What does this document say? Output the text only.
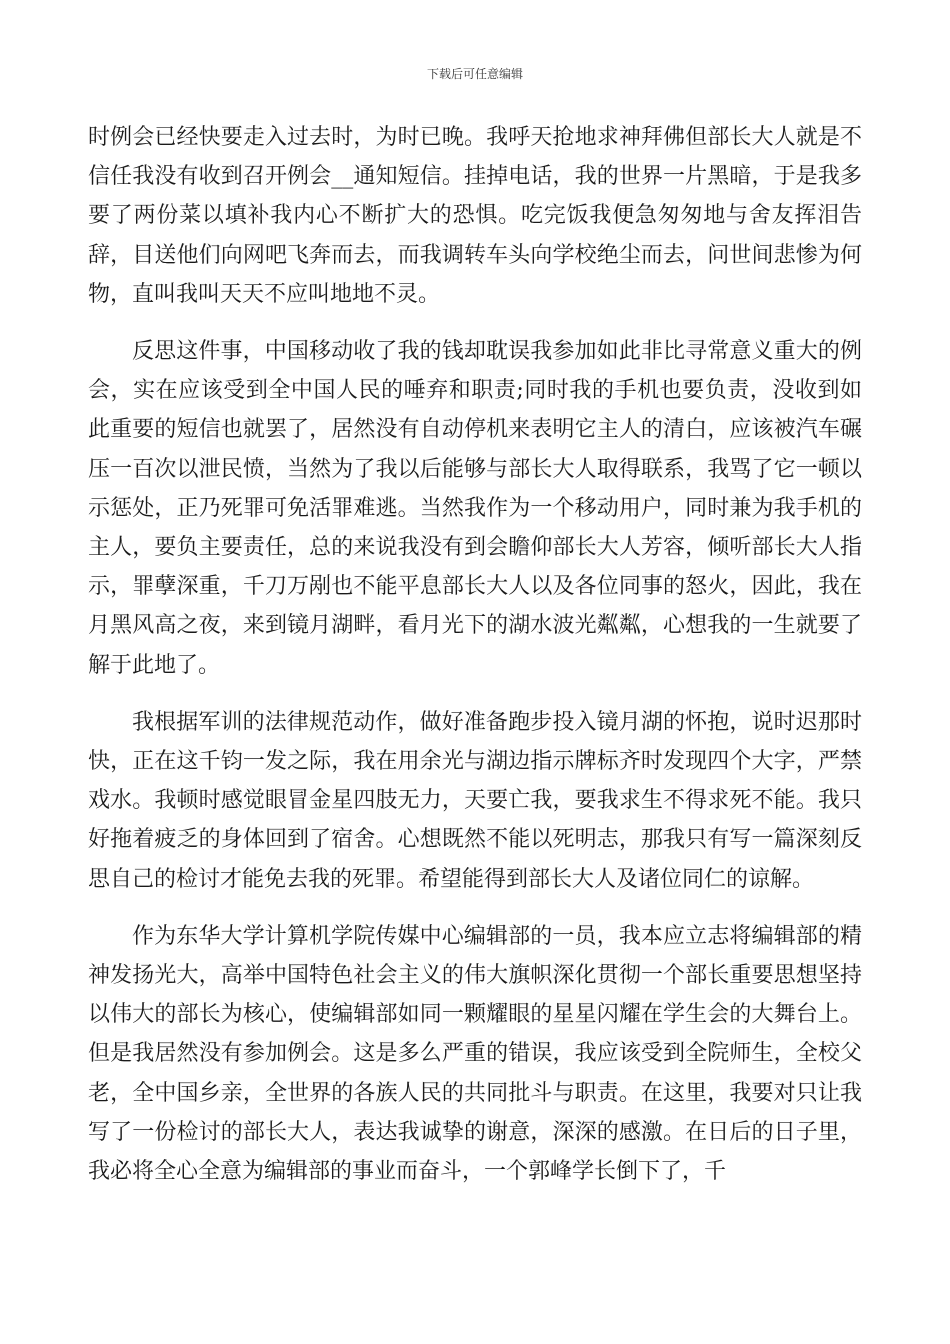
下载后可任意编辑

时例会已经快要走入过去时，为时已晚。我呼天抢地求神拜佛但部长大人就是不信任我没有收到召开例会__通知短信。挂掉电话，我的世界一片黑暗，于是我多要了两份菜以填补我内心不断扩大的恐惧。吃完饭我便急匆匆地与舍友挥泪告辞，目送他们向网吧飞奔而去，而我调转车头向学校绝尘而去，问世间悲惨为何物，直叫我叫天天不应叫地地不灵。

反思这件事，中国移动收了我的钱却耽误我参加如此非比寻常意义重大的例会，实在应该受到全中国人民的唾弃和职责;同时我的手机也要负责，没收到如此重要的短信也就罢了，居然没有自动停机来表明它主人的清白，应该被汽车碾压一百次以泄民愤，当然为了我以后能够与部长大人取得联系，我骂了它一顿以示惩处，正乃死罪可免活罪难逃。当然我作为一个移动用户，同时兼为我手机的主人，要负主要责任，总的来说我没有到会瞻仰部长大人芳容，倾听部长大人指示，罪孽深重，千刀万剐也不能平息部长大人以及各位同事的怒火，因此，我在月黑风高之夜，来到镜月湖畔，看月光下的湖水波光粼粼，心想我的一生就要了解于此地了。

我根据军训的法律规范动作，做好准备跑步投入镜月湖的怀抱，说时迟那时快，正在这千钧一发之际，我在用余光与湖边指示牌标齐时发现四个大字，严禁戏水。我顿时感觉眼冒金星四肢无力，天要亡我，要我求生不得求死不能。我只好拖着疲乏的身体回到了宿舍。心想既然不能以死明志，那我只有写一篇深刻反思自己的检讨才能免去我的死罪。希望能得到部长大人及诸位同仁的谅解。

作为东华大学计算机学院传媒中心编辑部的一员，我本应立志将编辑部的精神发扬光大，高举中国特色社会主义的伟大旗帜深化贯彻一个部长重要思想坚持以伟大的部长为核心，使编辑部如同一颗耀眼的星星闪耀在学生会的大舞台上。但是我居然没有参加例会。这是多么严重的错误，我应该受到全院师生，全校父老，全中国乡亲，全世界的各族人民的共同批斗与职责。在这里，我要对只让我写了一份检讨的部长大人，表达我诚挚的谢意，深深的感激。在日后的日子里，我必将全心全意为编辑部的事业而奋斗，一个郭峰学长倒下了，千
